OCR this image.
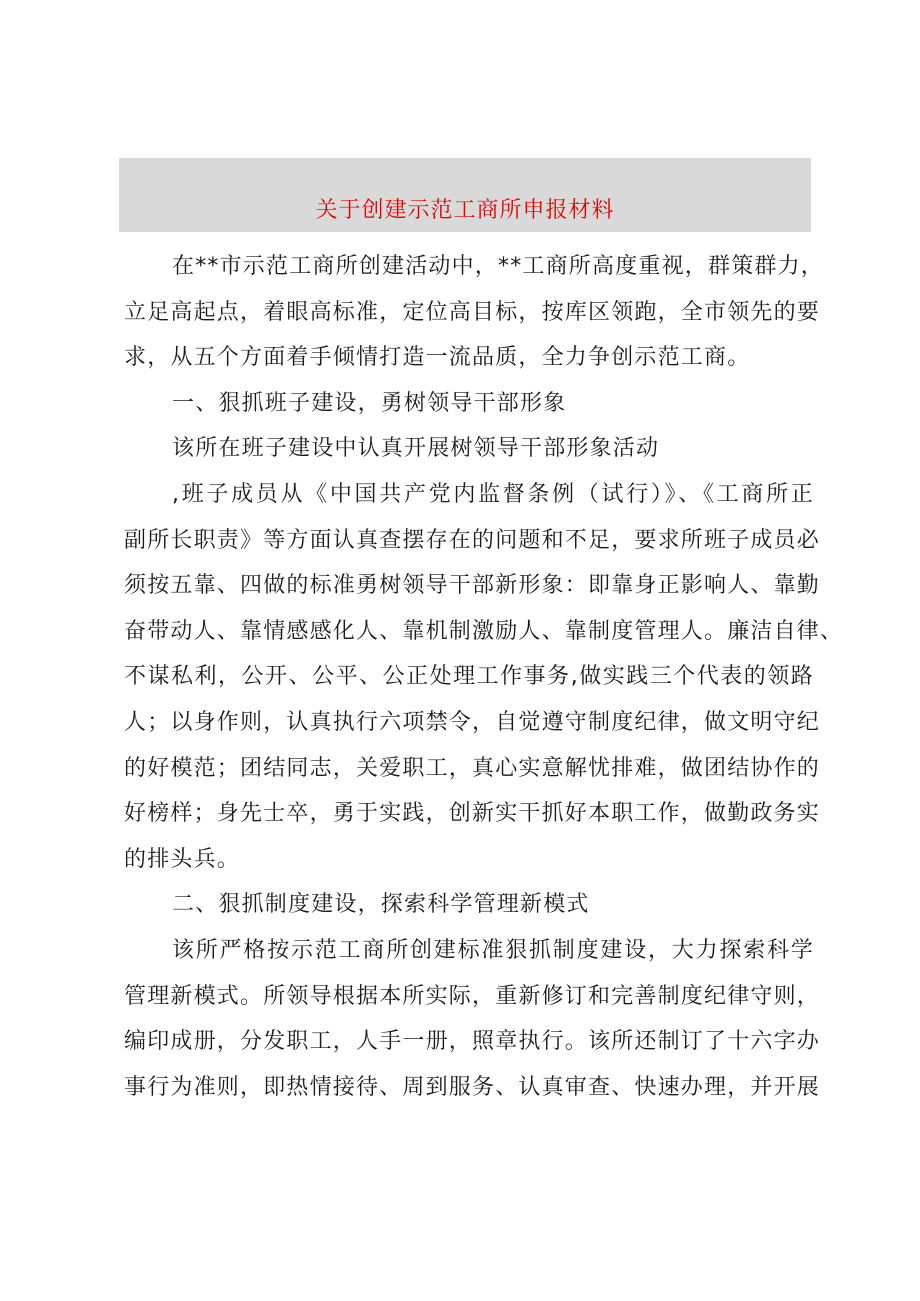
关于创建示范工商所申报材料
在**市示范工商所创建活动中，**工商所高度重视，群策群力，
立足高起点，着眼高标准，定位高目标，按库区领跑，全市领先的要
求，从五个方面着手倾情打造一流品质，全力争创示范工商。
一、狠抓班子建设，勇树领导干部形象
该所在班子建设中认真开展树领导干部形象活动
,班子成员从《中国共产党内监督条例（试行）》、《工商所正
副所长职责》等方面认真查摆存在的问题和不足，要求所班子成员必
须按五靠、四做的标准勇树领导干部新形象：即靠身正影响人、靠勤
奋带动人、靠情感感化人、靠机制激励人、靠制度管理人。廉洁自律、
不谋私利，公开、公平、公正处理工作事务,做实践三个代表的领路
人；以身作则，认真执行六项禁令，自觉遵守制度纪律，做文明守纪
的好模范；团结同志，关爱职工，真心实意解忧排难，做团结协作的
好榜样；身先士卒，勇于实践，创新实干抓好本职工作，做勤政务实
的排头兵。
二、狠抓制度建设，探索科学管理新模式
该所严格按示范工商所创建标准狠抓制度建设，大力探索科学
管理新模式。所领导根据本所实际，重新修订和完善制度纪律守则，
编印成册，分发职工，人手一册，照章执行。该所还制订了十六字办
事行为准则，即热情接待、周到服务、认真审查、快速办理，并开展
